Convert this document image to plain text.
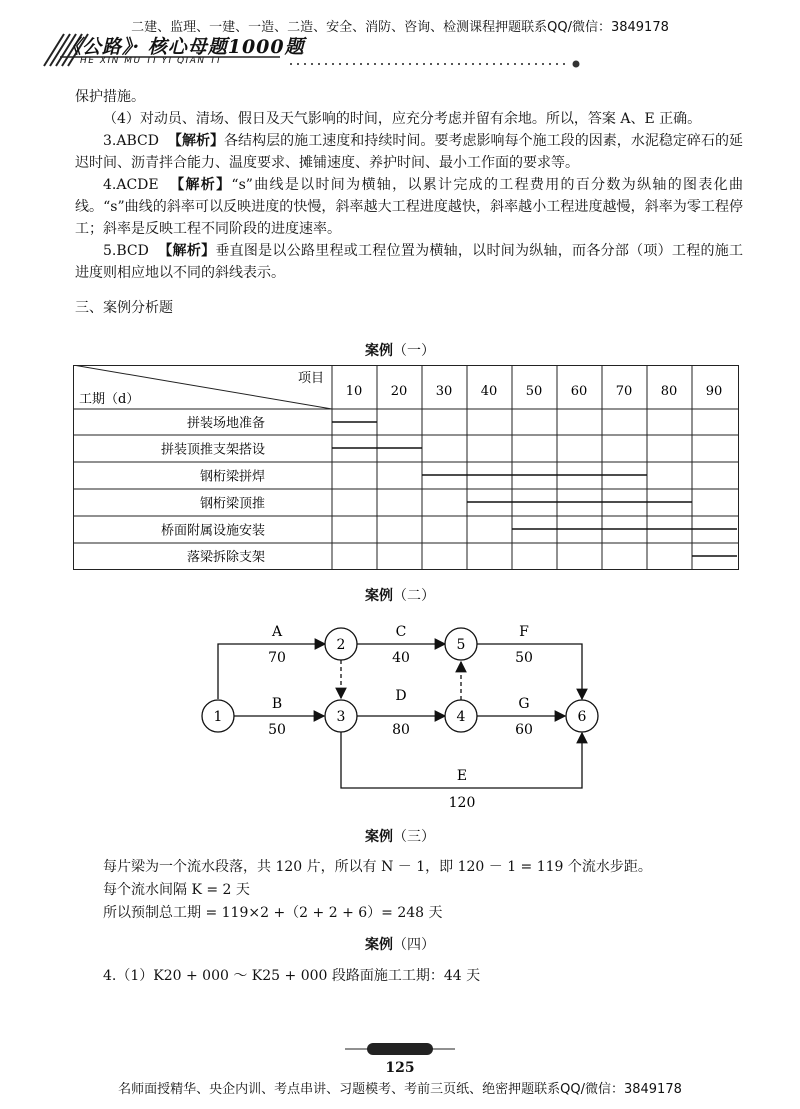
二建、监理、一建、一造、二造、安全、消防、咨询、检测课程押题联系QQ/微信：3849178
《公路》· 核心母题1000题
HE XIN MU TI YI QIAN TI

保护措施。

（4）对动员、清场、假日及天气影响的时间，应充分考虑并留有余地。所以，答案 A、E 正确。

3.ABCD 【解析】各结构层的施工速度和持续时间。要考虑影响每个施工段的因素，水泥稳定碎石的延迟时间、沥青拌合能力、温度要求、摊铺速度、养护时间、最小工作面的要求等。

4.ACDE 【解析】“s”曲线是以时间为横轴，以累计完成的工程费用的百分数为纵轴的图表化曲线。“s”曲线的斜率可以反映进度的快慢，斜率越大工程进度越快，斜率越小工程进度越慢，斜率为零工程停工；斜率是反映工程不同阶段的进度速率。

5.BCD 【解析】垂直图是以公路里程或工程位置为横轴，以时间为纵轴，而各分部（项）工程的施工进度则相应地以不同的斜线表示。

三、案例分析题
案例（一）
项目
工期（d）
10 20 30 40 50 60 70 80 90
拼装场地准备
拼装顶推支架搭设
钢桁梁拼焊
钢桁梁顶推
桥面附属设施安装
落梁拆除支架
案例（二）
1
2
3	4
5
6
A
70
B
50
C
40
D
80
E
120
F
50
G
60
案例（三）
每片梁为一个流水段落，共 120 片，所以有 N － 1，即 120 － 1 = 119 个流水步距。
每个流水间隔 K = 2 天
所以预制总工期 = 119×2 +（2 + 2 + 6）= 248 天
案例（四）
4.（1）K20 + 000 ～ K25 + 000 段路面施工工期：44 天
125
名师面授精华、央企内训、考点串讲、习题模考、考前三页纸、绝密押题联系QQ/微信：3849178
